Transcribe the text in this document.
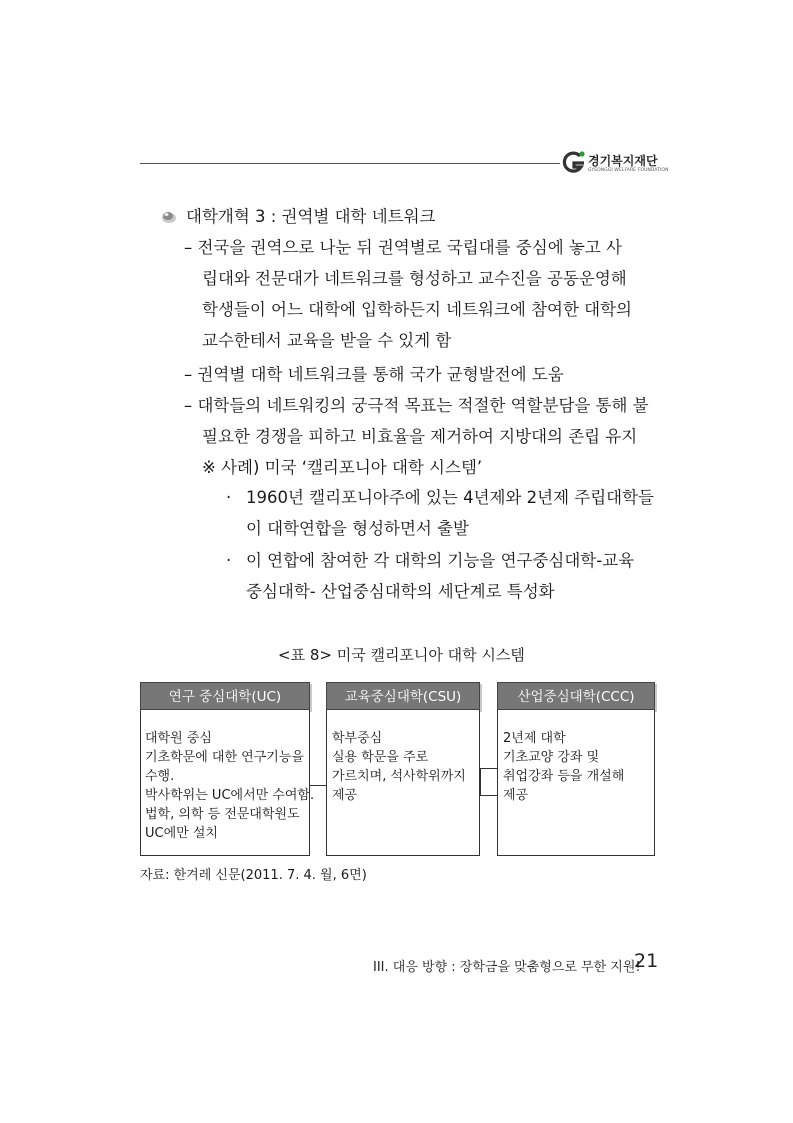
경기복지재단
GYEONGGI WELFARE FOUNDATION
대학개혁 3 : 권역별 대학 네트워크
– 전국을 권역으로 나눈 뒤 권역별로 국립대를 중심에 놓고 사
립대와 전문대가 네트워크를 형성하고 교수진을 공동운영해
학생들이 어느 대학에 입학하든지 네트워크에 참여한 대학의
교수한테서 교육을 받을 수 있게 함
– 권역별 대학 네트워크를 통해 국가 균형발전에 도움
– 대학들의 네트워킹의 궁극적 목표는 적절한 역할분담을 통해 불
필요한 경쟁을 피하고 비효율을 제거하여 지방대의 존립 유지
※ 사례) 미국 ‘캘리포니아 대학 시스템’
· 1960년 캘리포니아주에 있는 4년제와 2년제 주립대학들
이 대학연합을 형성하면서 출발
· 이 연합에 참여한 각 대학의 기능을 연구중심대학-교육
중심대학- 산업중심대학의 세단계로 특성화
<표 8> 미국 캘리포니아 대학 시스템
연구 중심대학(UC)
대학원 중심
기초학문에 대한 연구기능을
수행.
박사학위는 UC에서만 수여함.
법학, 의학 등 전문대학원도
UC에만 설치
교육중심대학(CSU)
학부중심
실용 학문을 주로
가르치며, 석사학위까지
제공
산업중심대학(CCC)
2년제 대학
기초교양 강좌 및
취업강좌 등을 개설해
제공
자료: 한겨레 신문(2011. 7. 4. 월, 6면)
III. 대응 방향 : 장학금을 맞춤형으로 무한 지원!
21
